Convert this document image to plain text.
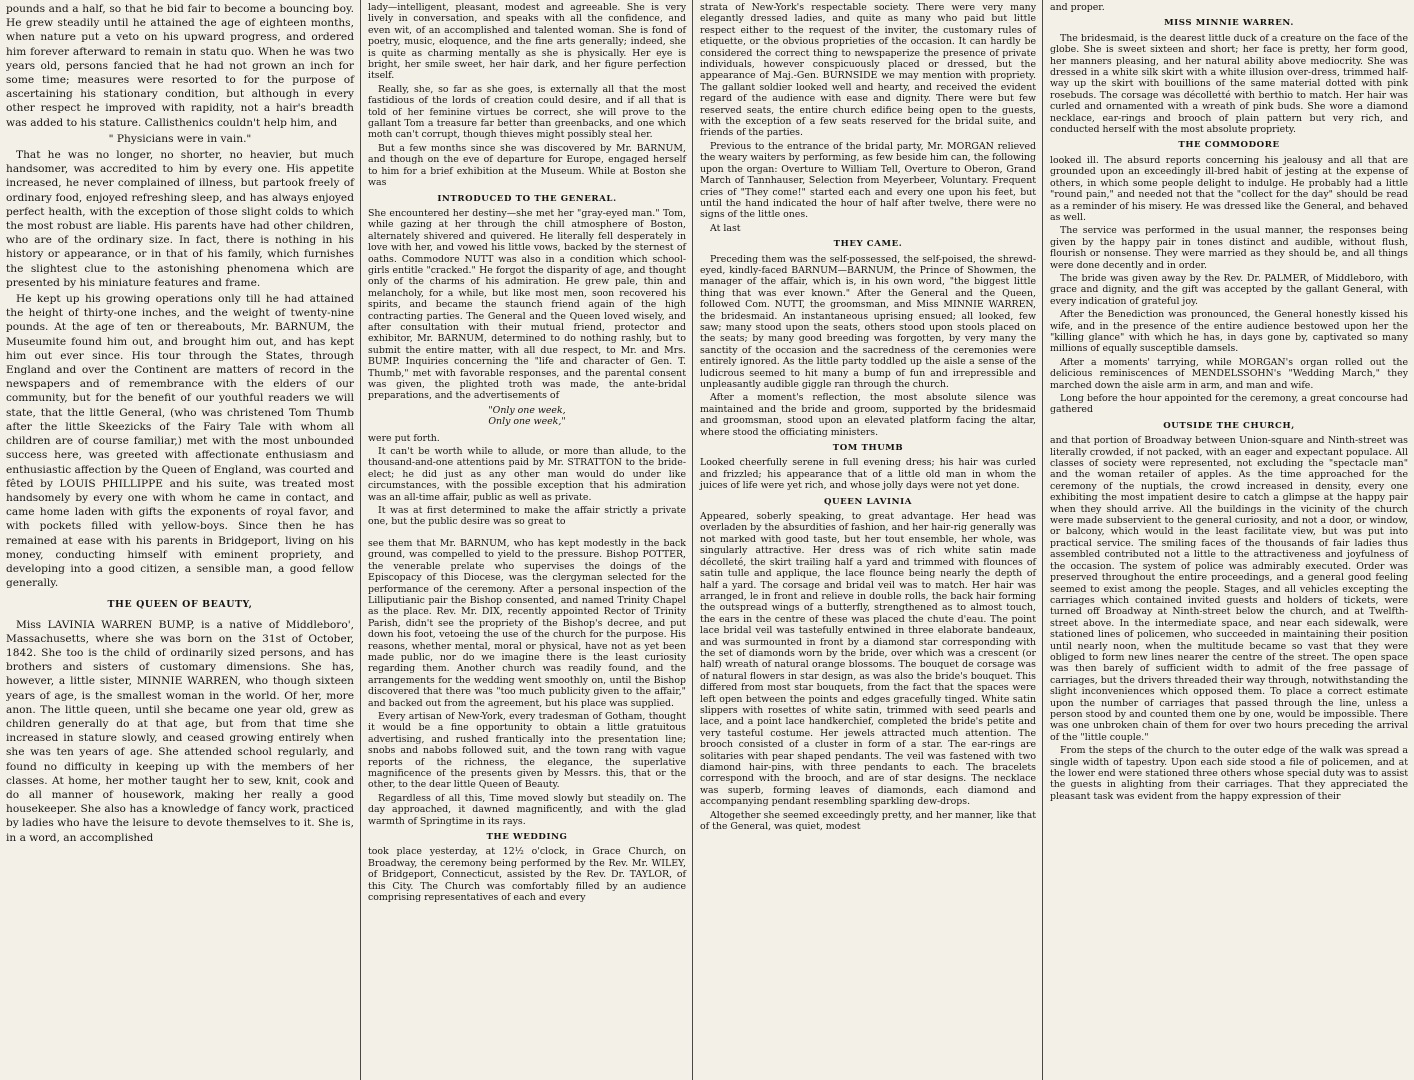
pounds and a half, so that he bid fair to become a bouncing boy. He grew steadily until he attained the age of eighteen months, when nature put a veto on his upward progress, and ordered him forever afterward to remain in statu quo. When he was two years old, persons fancied that he had not grown an inch for some time; measures were resorted to for the purpose of ascertaining his stationary condition, but although in every other respect he improved with rapidity, not a hair's breadth was added to his stature. Callisthenics couldn't help him, and

" Physicians were in vain."

That he was no longer, no shorter, no heavier, but much handsomer, was accredited to him by every one. His appetite increased, he never complained of illness, but partook freely of ordinary food, enjoyed refreshing sleep, and has always enjoyed perfect health, with the exception of those slight colds to which the most robust are liable. His parents have had other children, who are of the ordinary size. In fact, there is nothing in his history or appearance, or in that of his family, which furnishes the slightest clue to the astonishing phenomena which are presented by his miniature features and frame.

He kept up his growing operations only till he had attained the height of thirty-one inches, and the weight of twenty-nine pounds. At the age of ten or thereabouts, Mr. BARNUM, the Museumite found him out, and brought him out, and has kept him out ever since. His tour through the States, through England and over the Continent are matters of record in the newspapers and of remembrance with the elders of our community, but for the benefit of our youthful readers we will state, that the little General, (who was christened Tom Thumb after the little Skeezicks of the Fairy Tale with whom all children are of course familiar,) met with the most unbounded success here, was greeted with affectionate enthusiasm and enthusiastic affection by the Queen of England, was courted and fêted by LOUIS PHILLIPPE and his suite, was treated most handsomely by every one with whom he came in contact, and came home laden with gifts the exponents of royal favor, and with pockets filled with yellow-boys. Since then he has remained at ease with his parents in Bridgeport, living on his money, conducting himself with eminent propriety, and developing into a good citizen, a sensible man, a good fellow generally.

THE QUEEN OF BEAUTY,

Miss LAVINIA WARREN BUMP, is a native of Middleboro', Massachusetts, where she was born on the 31st of October, 1842. She too is the child of ordinarily sized persons, and has brothers and sisters of customary dimensions. She has, however, a little sister, MINNIE WARREN, who though sixteen years of age, is the smallest woman in the world. Of her, more anon. The little queen, until she became one year old, grew as children generally do at that age, but from that time she increased in stature slowly, and ceased growing entirely when she was ten years of age. She attended school regularly, and found no difficulty in keeping up with the members of her classes. At home, her mother taught her to sew, knit, cook and do all manner of housework, making her really a good housekeeper. She also has a knowledge of fancy work, practiced by ladies who have the leisure to devote themselves to it. She is, in a word, an accomplished

lady—intelligent, pleasant, modest and agreeable. She is very lively in conversation, and speaks with all the confidence, and even wit, of an accomplished and talented woman. She is fond of poetry, music, eloquence, and the fine arts generally; indeed, she is quite as charming mentally as she is physically. Her eye is bright, her smile sweet, her hair dark, and her figure perfection itself.

Really, she, so far as she goes, is externally all that the most fastidious of the lords of creation could desire, and if all that is told of her feminine virtues be correct, she will prove to the gallant Tom a treasure far better than greenbacks, and one which moth can't corrupt, though thieves might possibly steal her.

But a few months since she was discovered by Mr. BARNUM, and though on the eve of departure for Europe, engaged herself to him for a brief exhibition at the Museum. While at Boston she was

INTRODUCED TO THE GENERAL.

She encountered her destiny—she met her "gray-eyed man." Tom, while gazing at her through the chill atmosphere of Boston, alternately shivered and quivered. He literally fell desperately in love with her, and vowed his little vows, backed by the sternest of oaths. Commodore NUTT was also in a condition which school-girls entitle "cracked." He forgot the disparity of age, and thought only of the charms of his admiration. He grew pale, thin and melancholy, for a while, but like most men, soon recovered his spirits, and became the staunch friend again of the high contracting parties. The General and the Queen loved wisely, and after consultation with their mutual friend, protector and exhibitor, Mr. BARNUM, determined to do nothing rashly, but to submit the entire matter, with all due respect, to Mr. and Mrs. BUMP. Inquiries concerning the "life and character of Gen. T. Thumb," met with favorable responses, and the parental consent was given, the plighted troth was made, the ante-bridal preparations, and the advertisements of

"Only one week,
Only one week,"

were put forth.

It can't be worth while to allude, or more than allude, to the thousand-and-one attentions paid by Mr. STRATTON to the bride-elect; he did just as any other man would do under like circumstances, with the possible exception that his admiration was an all-time affair, public as well as private.

It was at first determined to make the affair strictly a private one, but the public desire was so great to

see them that Mr. BARNUM, who has kept modestly in the back ground, was compelled to yield to the pressure. Bishop POTTER, the venerable prelate who supervises the doings of the Episcopacy of this Diocese, was the clergyman selected for the performance of the ceremony. After a personal inspection of the Lilliputianic pair the Bishop consented, and named Trinity Chapel as the place. Rev. Mr. DIX, recently appointed Rector of Trinity Parish, didn't see the propriety of the Bishop's decree, and put down his foot, vetoeing the use of the church for the purpose. His reasons, whether mental, moral or physical, have not as yet been made public, nor do we imagine there is the least curiosity regarding them. Another church was readily found, and the arrangements for the wedding went smoothly on, until the Bishop discovered that there was "too much publicity given to the affair," and backed out from the agreement, but his place was supplied.

Every artisan of New-York, every tradesman of Gotham, thought it would be a fine opportunity to obtain a little gratuitous advertising, and rushed frantically into the presentation line; snobs and nabobs followed suit, and the town rang with vague reports of the richness, the elegance, the superlative magnificence of the presents given by Messrs. this, that or the other, to the dear little Queen of Beauty.

Regardless of all this, Time moved slowly but steadily on. The day approached, it dawned magnificently, and with the glad warmth of Springtime in its rays.

THE WEDDING

took place yesterday, at 12½ o'clock, in Grace Church, on Broadway, the ceremony being performed by the Rev. Mr. WILEY, of Bridgeport, Connecticut, assisted by the Rev. Dr. TAYLOR, of this City. The Church was comfortably filled by an audience comprising representatives of each and every

strata of New-York's respectable society. There were very many elegantly dressed ladies, and quite as many who paid but little respect either to the request of the inviter, the customary rules of etiquette, or the obvious proprieties of the occasion. It can hardly be considered the correct thing to newspaperize the presence of private individuals, however conspicuously placed or dressed, but the appearance of Maj.-Gen. BURNSIDE we may mention with propriety. The gallant soldier looked well and hearty, and received the evident regard of the audience with ease and dignity. There were but few reserved seats, the entire church edifice being open to the guests, with the exception of a few seats reserved for the bridal suite, and friends of the parties.

Previous to the entrance of the bridal party, Mr. MORGAN relieved the weary waiters by performing, as few beside him can, the following upon the organ: Overture to William Tell, Overture to Oberon, Grand March of Tannhauser, Selection from Meyerbeer, Voluntary. Frequent cries of "They come!" started each and every one upon his feet, but until the hand indicated the hour of half after twelve, there were no signs of the little ones.

At last

THEY CAME.

Preceding them was the self-possessed, the self-poised, the shrewd-eyed, kindly-faced BARNUM—BARNUM, the Prince of Showmen, the manager of the affair, which is, in his own word, "the biggest little thing that was ever known." After the General and the Queen, followed Com. NUTT, the groomsman, and Miss MINNIE WARREN, the bridesmaid. An instantaneous uprising ensued; all looked, few saw; many stood upon the seats, others stood upon stools placed on the seats; by many good breeding was forgotten, by very many the sanctity of the occasion and the sacredness of the ceremonies were entirely ignored. As the little party toddled up the aisle a sense of the ludicrous seemed to hit many a bump of fun and irrepressible and unpleasantly audible giggle ran through the church.

After a moment's reflection, the most absolute silence was maintained and the bride and groom, supported by the bridesmaid and groomsman, stood upon an elevated platform facing the altar, where stood the officiating ministers.

TOM THUMB

Looked cheerfully serene in full evening dress; his hair was curled and frizzled; his appearance that of a little old man in whom the juices of life were yet rich, and whose jolly days were not yet done.

QUEEN LAVINIA

Appeared, soberly speaking, to great advantage. Her head was overladen by the absurdities of fashion, and her hair-rig generally was not marked with good taste, but her tout ensemble, her whole, was singularly attractive. Her dress was of rich white satin made décolleté, the skirt trailing half a yard and trimmed with flounces of satin tulle and applique, the lace flounce being nearly the depth of half a yard. The corsage and bridal veil was to match. Her hair was arranged, le in front and relieve in double rolls, the back hair forming the outspread wings of a butterfly, strengthened as to almost touch, the ears in the centre of these was placed the chute d'eau. The point lace bridal veil was tastefully entwined in three elaborate bandeaux, and was surmounted in front by a diamond star corresponding with the set of diamonds worn by the bride, over which was a crescent (or half) wreath of natural orange blossoms. The bouquet de corsage was of natural flowers in star design, as was also the bride's bouquet. This differed from most star bouquets, from the fact that the spaces were left open between the points and edges gracefully tinged. White satin slippers with rosettes of white satin, trimmed with seed pearls and lace, and a point lace handkerchief, completed the bride's petite and very tasteful costume. Her jewels attracted much attention. The brooch consisted of a cluster in form of a star. The ear-rings are solitaries with pear shaped pendants. The veil was fastened with two diamond hair-pins, with three pendants to each. The bracelets correspond with the brooch, and are of star designs. The necklace was superb, forming leaves of diamonds, each diamond and accompanying pendant resembling sparkling dew-drops.

Altogether she seemed exceedingly pretty, and her manner, like that of the General, was quiet, modest

and proper.

MISS MINNIE WARREN.

The bridesmaid, is the dearest little duck of a creature on the face of the globe. She is sweet sixteen and short; her face is pretty, her form good, her manners pleasing, and her natural ability above mediocrity. She was dressed in a white silk skirt with a white illusion over-dress, trimmed half-way up the skirt with bouillions of the same material dotted with pink rosebuds. The corsage was décolletté with berthio to match. Her hair was curled and ornamented with a wreath of pink buds. She wore a diamond necklace, ear-rings and brooch of plain pattern but very rich, and conducted herself with the most absolute propriety.

THE COMMODORE

looked ill. The absurd reports concerning his jealousy and all that are grounded upon an exceedingly ill-bred habit of jesting at the expense of others, in which some people delight to indulge. He probably had a little "round pain," and needed not that the "collect for the day" should be read as a reminder of his misery. He was dressed like the General, and behaved as well.

The service was performed in the usual manner, the responses being given by the happy pair in tones distinct and audible, without flush, flourish or nonsense. They were married as they should be, and all things were done decently and in order.

The bride was given away by the Rev. Dr. PALMER, of Middleboro, with grace and dignity, and the gift was accepted by the gallant General, with every indication of grateful joy.

After the Benediction was pronounced, the General honestly kissed his wife, and in the presence of the entire audience bestowed upon her the "killing glance" with which he has, in days gone by, captivated so many millions of equally susceptible damsels.

After a moments' tarrying, while MORGAN's organ rolled out the delicious reminiscences of MENDELSSOHN's "Wedding March," they marched down the aisle arm in arm, and man and wife.

Long before the hour appointed for the ceremony, a great concourse had gathered

OUTSIDE THE CHURCH,

and that portion of Broadway between Union-square and Ninth-street was literally crowded, if not packed, with an eager and expectant populace. All classes of society were represented, not excluding the "spectacle man" and the woman retailer of apples. As the time approached for the ceremony of the nuptials, the crowd increased in density, every one exhibiting the most impatient desire to catch a glimpse at the happy pair when they should arrive. All the buildings in the vicinity of the church were made subservient to the general curiosity, and not a door, or window, or balcony, which would in the least facilitate view, but was put into practical service. The smiling faces of the thousands of fair ladies thus assembled contributed not a little to the attractiveness and joyfulness of the occasion. The system of police was admirably executed. Order was preserved throughout the entire proceedings, and a general good feeling seemed to exist among the people. Stages, and all vehicles excepting the carriages which contained invited guests and holders of tickets, were turned off Broadway at Ninth-street below the church, and at Twelfth-street above. In the intermediate space, and near each sidewalk, were stationed lines of policemen, who succeeded in maintaining their position until nearly noon, when the multitude became so vast that they were obliged to form new lines nearer the centre of the street. The open space was then barely of sufficient width to admit of the free passage of carriages, but the drivers threaded their way through, notwithstanding the slight inconveniences which opposed them. To place a correct estimate upon the number of carriages that passed through the line, unless a person stood by and counted them one by one, would be impossible. There was one unbroken chain of them for over two hours preceding the arrival of the "little couple."

From the steps of the church to the outer edge of the walk was spread a single width of tapestry. Upon each side stood a file of policemen, and at the lower end were stationed three others whose special duty was to assist the guests in alighting from their carriages. That they appreciated the pleasant task was evident from the happy expression of their
